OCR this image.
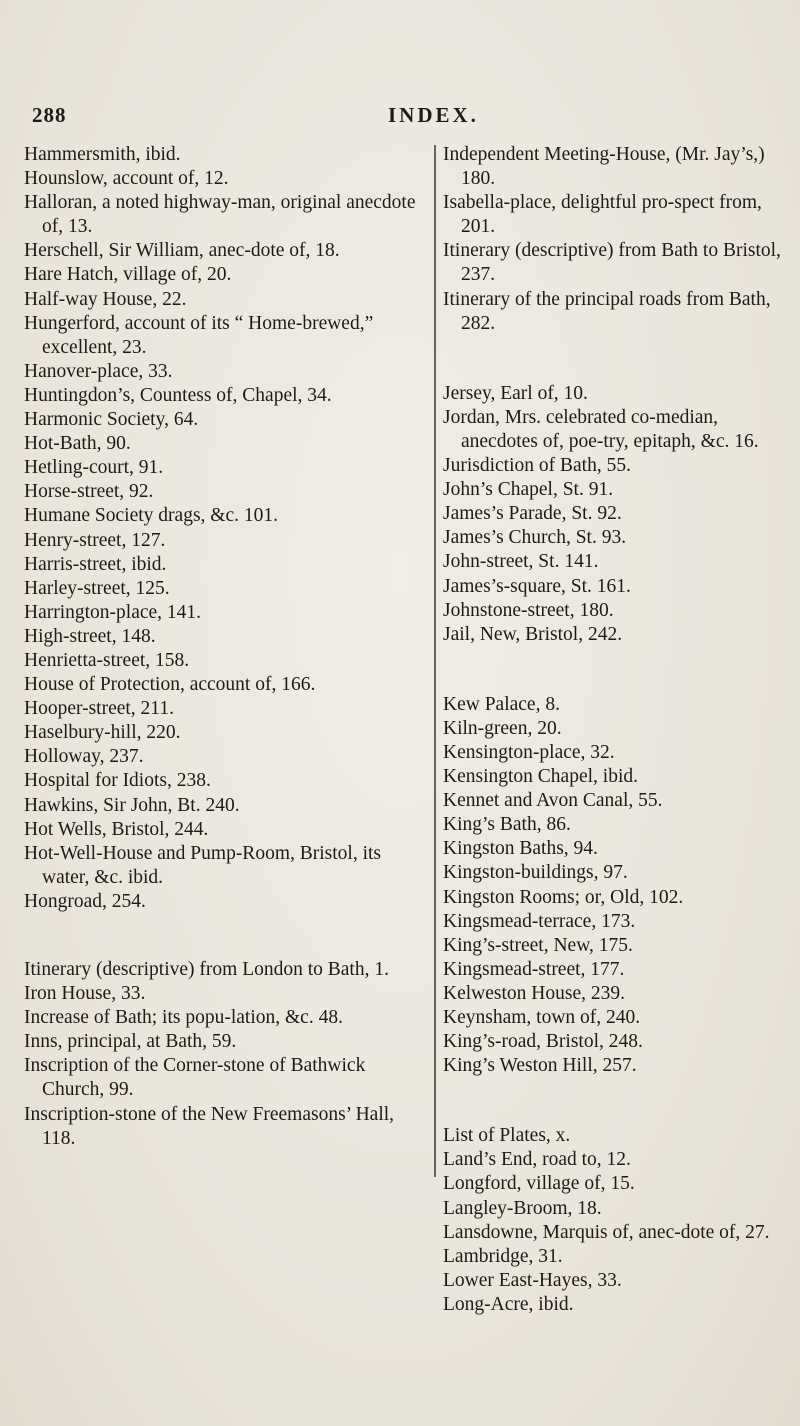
288	INDEX.

Hammersmith, ibid.

Hounslow, account of, 12.

Halloran, a noted highway-man, original anecdote of, 13.

Herschell, Sir William, anec-dote of, 18.

Hare Hatch, village of, 20.

Half-way House, 22.

Hungerford, account of its “ Home-brewed,” excellent, 23.

Hanover-place, 33.

Huntingdon’s, Countess of, Chapel, 34.

Harmonic Society, 64.

Hot-Bath, 90.

Hetling-court, 91.

Horse-street, 92.

Humane Society drags, &c. 101.

Henry-street, 127.

Harris-street, ibid.

Harley-street, 125.

Harrington-place, 141.

High-street, 148.

Henrietta-street, 158.

House of Protection, account of, 166.

Hooper-street, 211.

Haselbury-hill, 220.

Holloway, 237.

Hospital for Idiots, 238.

Hawkins, Sir John, Bt. 240.

Hot Wells, Bristol, 244.

Hot-Well-House and Pump-Room, Bristol, its water, &c. ibid.

Hongroad, 254.

Itinerary (descriptive) from London to Bath, 1.

Iron House, 33.

Increase of Bath; its popu-lation, &c. 48.

Inns, principal, at Bath, 59.

Inscription of the Corner-stone of Bathwick Church, 99.

Inscription-stone of the New Freemasons’ Hall, 118.

Independent Meeting-House, (Mr. Jay’s,) 180.

Isabella-place, delightful pro-spect from, 201.

Itinerary (descriptive) from Bath to Bristol, 237.

Itinerary of the principal roads from Bath, 282.

Jersey, Earl of, 10.

Jordan, Mrs. celebrated co-median, anecdotes of, poe-try, epitaph, &c. 16.

Jurisdiction of Bath, 55.

John’s Chapel, St. 91.

James’s Parade, St. 92.

James’s Church, St. 93.

John-street, St. 141.

James’s-square, St. 161.

Johnstone-street, 180.

Jail, New, Bristol, 242.

Kew Palace, 8.

Kiln-green, 20.

Kensington-place, 32.

Kensington Chapel, ibid.

Kennet and Avon Canal, 55.

King’s Bath, 86.

Kingston Baths, 94.

Kingston-buildings, 97.

Kingston Rooms; or, Old, 102.

Kingsmead-terrace, 173.

King’s-street, New, 175.

Kingsmead-street, 177.

Kelweston House, 239.

Keynsham, town of, 240.

King’s-road, Bristol, 248.

King’s Weston Hill, 257.

List of Plates, x.

Land’s End, road to, 12.

Longford, village of, 15.

Langley-Broom, 18.

Lansdowne, Marquis of, anec-dote of, 27.

Lambridge, 31.

Lower East-Hayes, 33.

Long-Acre, ibid.
